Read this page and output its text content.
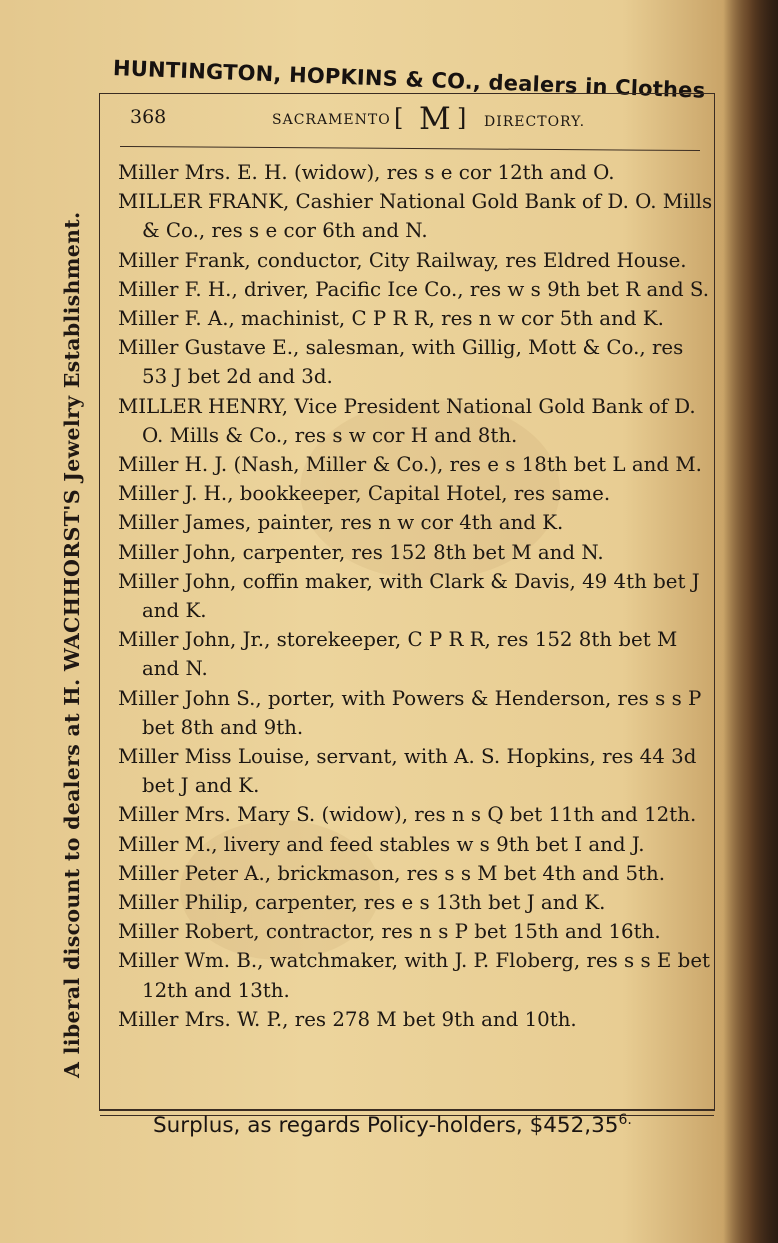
HUNTINGTON, HOPKINS & CO., dealers in Clothes
A liberal discount to dealers at H. WACHHORST'S Jewelry Establishment.
368	SACRAMENTO [ M ] DIRECTORY.
Miller Mrs. E. H. (widow), res s e cor 12th and O.
MILLER FRANK, Cashier National Gold Bank of D. O. Mills & Co., res s e cor 6th and N.
Miller Frank, conductor, City Railway, res Eldred House.
Miller F. H., driver, Pacific Ice Co., res w s 9th bet R and S.
Miller F. A., machinist, C P R R, res n w cor 5th and K.
Miller Gustave E., salesman, with Gillig, Mott & Co., res 53 J bet 2d and 3d.
MILLER HENRY, Vice President National Gold Bank of D. O. Mills & Co., res s w cor H and 8th.
Miller H. J. (Nash, Miller & Co.), res e s 18th bet L and M.
Miller J. H., bookkeeper, Capital Hotel, res same.
Miller James, painter, res n w cor 4th and K.
Miller John, carpenter, res 152 8th bet M and N.
Miller John, coffin maker, with Clark & Davis, 49 4th bet J and K.
Miller John, Jr., storekeeper, C P R R, res 152 8th bet M and N.
Miller John S., porter, with Powers & Henderson, res s s P bet 8th and 9th.
Miller Miss Louise, servant, with A. S. Hopkins, res 44 3d bet J and K.
Miller Mrs. Mary S. (widow), res n s Q bet 11th and 12th.
Miller M., livery and feed stables w s 9th bet I and J.
Miller Peter A., brickmason, res s s M bet 4th and 5th.
Miller Philip, carpenter, res e s 13th bet J and K.
Miller Robert, contractor, res n s P bet 15th and 16th.
Miller Wm. B., watchmaker, with J. P. Floberg, res s s E bet 12th and 13th.
Miller Mrs. W. P., res 278 M bet 9th and 10th.
Surplus, as regards Policy-holders, $\$452,35^{6.}$
